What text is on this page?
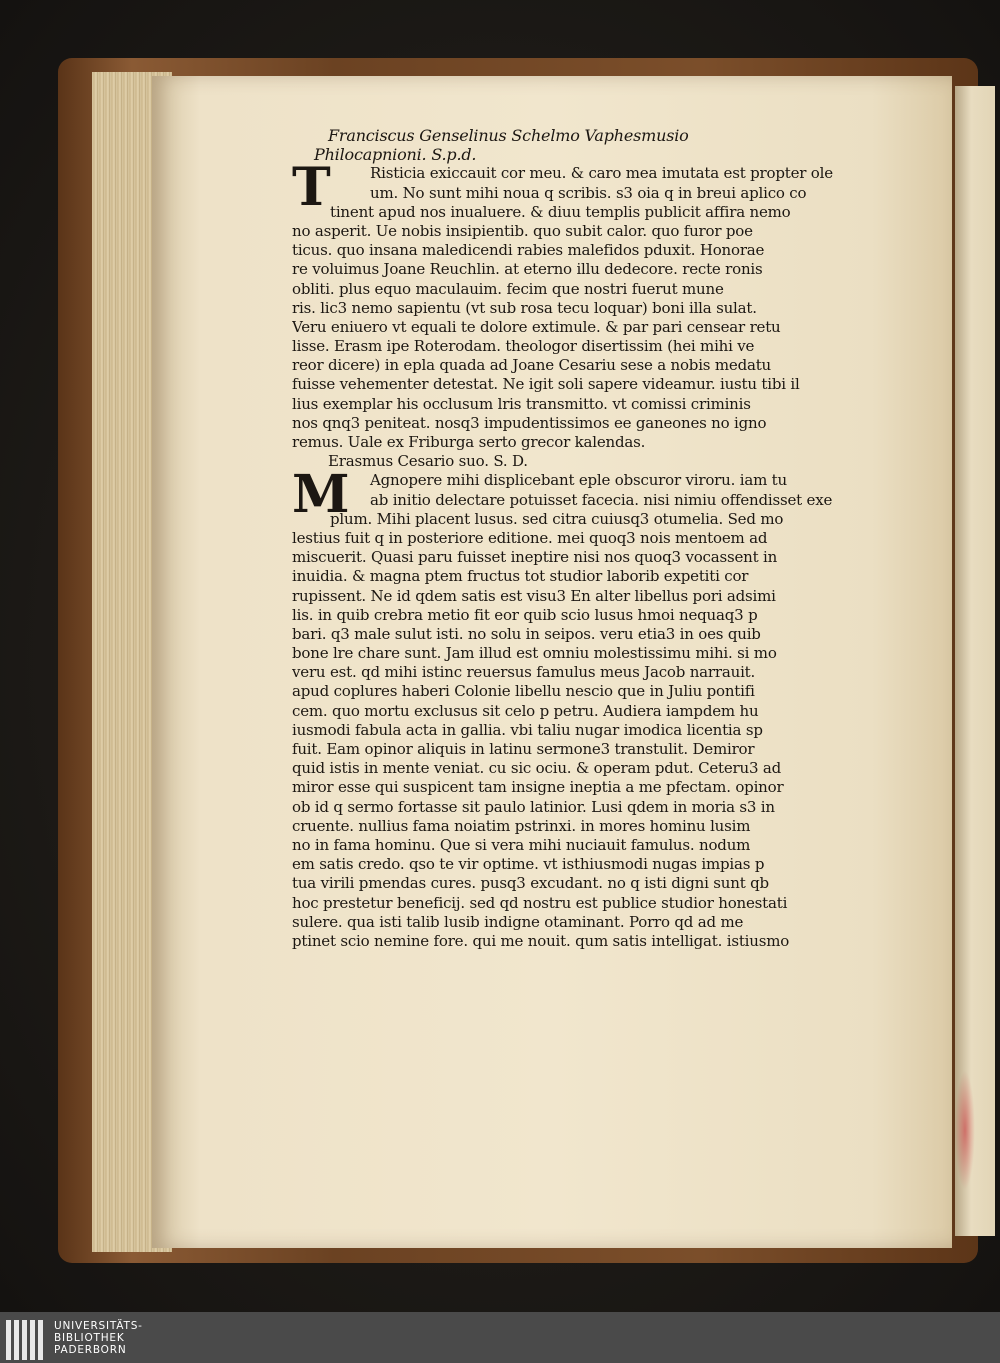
Franciscus Genselinus Schelmo Vaphesmusio
Philocapnioni. S.p.d.
T	Risticia exiccauit cor meu. & caro mea imutata est propter ole
um. No sunt mihi noua q scribis. s3 oia q in breui aplico co
tinent apud nos inualuere. & diuu templis publicit affira nemo
no asperit. Ue nobis insipientib. quo subit calor. quo furor poe
ticus. quo insana maledicendi rabies malefidos pduxit. Honorae
re voluimus Joane Reuchlin. at eterno illu dedecore. recte ronis
obliti. plus equo maculauim. fecim que nostri fuerut mune
ris. lic3 nemo sapientu (vt sub rosa tecu loquar) boni illa sulat.
Veru eniuero vt equali te dolore extimule. & par pari censear retu
lisse. Erasm ipe Roterodam. theologor disertissim (hei mihi ve
reor dicere) in epla quada ad Joane Cesariu sese a nobis medatu
fuisse vehementer detestat. Ne igit soli sapere videamur. iustu tibi il
lius exemplar his occlusum lris transmitto. vt comissi criminis
nos qnq3 peniteat. nosq3 impudentissimos ee ganeones no igno
remus. Uale ex Friburga serto grecor kalendas.
Erasmus Cesario suo. S. D.
M	Agnopere mihi displicebant eple obscuror viroru. iam tu
ab initio delectare potuisset facecia. nisi nimiu offendisset exe
plum. Mihi placent lusus. sed citra cuiusq3 otumelia. Sed mo
lestius fuit q in posteriore editione. mei quoq3 nois mentoem ad
miscuerit. Quasi paru fuisset ineptire nisi nos quoq3 vocassent in
inuidia. & magna ptem fructus tot studior laborib expetiti cor
rupissent. Ne id qdem satis est visu3 En alter libellus pori adsimi
lis. in quib crebra metio fit eor quib scio lusus hmoi nequaq3 p
bari. q3 male sulut isti. no solu in seipos. veru etia3 in oes quib
bone lre chare sunt. Jam illud est omniu molestissimu mihi. si mo
veru est. qd mihi istinc reuersus famulus meus Jacob narrauit.
apud coplures haberi Colonie libellu nescio que in Juliu pontifi
cem. quo mortu exclusus sit celo p petru. Audiera iampdem hu
iusmodi fabula acta in gallia. vbi taliu nugar imodica licentia sp
fuit. Eam opinor aliquis in latinu sermone3 transtulit. Demiror
quid istis in mente veniat. cu sic ociu. & operam pdut. Ceteru3 ad
miror esse qui suspicent tam insigne ineptia a me pfectam. opinor
ob id q sermo fortasse sit paulo latinior. Lusi qdem in moria s3 in
cruente. nullius fama noiatim pstrinxi. in mores hominu lusim
no in fama hominu. Que si vera mihi nuciauit famulus. nodum
em satis credo. qso te vir optime. vt isthiusmodi nugas impias p
tua virili pmendas cures. pusq3 excudant. no q isti digni sunt qb
hoc prestetur beneficij. sed qd nostru est publice studior honestati
sulere. qua isti talib lusib indigne otaminant. Porro qd ad me
ptinet scio nemine fore. qui me nouit. qum satis intelligat. istiusmo
UNIVERSITÄTS-
BIBLIOTHEK
PADERBORN
